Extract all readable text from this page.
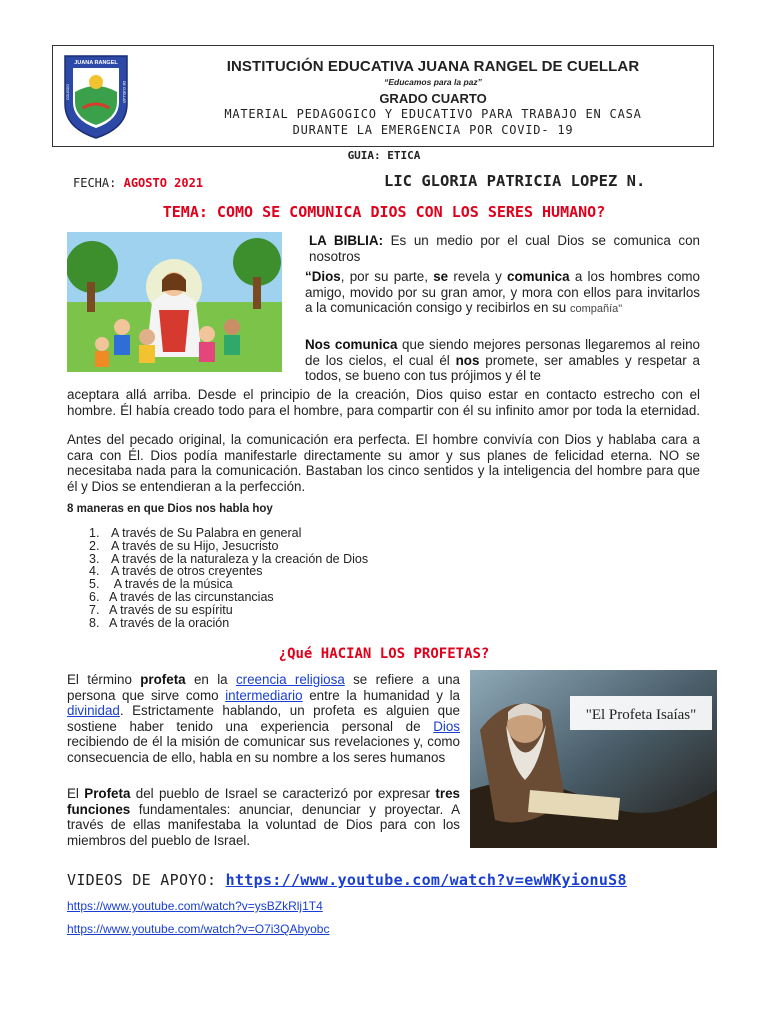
JUANA RANGEL
COLEGIO	DE CUELLAR
INSTITUCIÓN EDUCATIVA JUANA RANGEL DE CUELLAR
“Educamos para la paz”
GRADO CUARTO
MATERIAL PEDAGOGICO Y EDUCATIVO PARA TRABAJO EN CASA
DURANTE LA EMERGENCIA POR COVID- 19
GUIA: ETICA
FECHA: AGOSTO 2021	LIC GLORIA PATRICIA LOPEZ N.
TEMA: COMO SE COMUNICA DIOS CON LOS SERES HUMANO?
LA BIBLIA: Es un medio por el cual Dios se comunica con nosotros
“Dios, por su parte, se revela y comunica a los hombres como amigo, movido por su gran amor, y mora con ellos para invitarlos a la comunicación consigo y recibirlos en su compañía"
Nos comunica que siendo mejores personas llegaremos al reino de los cielos, el cual él nos promete, ser amables y respetar a todos, se bueno con tus prójimos y él te
aceptara allá arriba. Desde el principio de la creación, Dios quiso estar en contacto estrecho con el hombre. Él había creado todo para el hombre, para compartir con él su infinito amor por toda la eternidad.
Antes del pecado original, la comunicación era perfecta. El hombre convivía con Dios y hablaba cara a cara con Él. Dios podía manifestarle directamente su amor y sus planes de felicidad eterna. NO se necesitaba nada para la comunicación. Bastaban los cinco sentidos y la inteligencia del hombre para que él y Dios se entendieran a la perfección.
8 maneras en que Dios nos habla hoy
1. A través de Su Palabra en general
2. A través de su Hijo, Jesucristo
3. A través de la naturaleza y la creación de Dios
4. A través de otros creyentes
5. A través de la música
6. A través de las circunstancias
7. A través de su espíritu
8. A través de la oración
¿Qué HACIAN LOS PROFETAS?
El término profeta en la creencia religiosa se refiere a una persona que sirve como intermediario entre la humanidad y la divinidad. Estrictamente hablando, un profeta es alguien que sostiene haber tenido una experiencia personal de Dios recibiendo de él la misión de comunicar sus revelaciones y, como consecuencia de ello, habla en su nombre a los seres humanos
El Profeta del pueblo de Israel se caracterizó por expresar tres funciones fundamentales: anunciar, denunciar y proyectar. A través de ellas manifestaba la voluntad de Dios para con los miembros del pueblo de Israel.
"El Profeta Isaías"
VIDEOS DE APOYO: https://www.youtube.com/watch?v=ewWKyionuS8
https://www.youtube.com/watch?v=ysBZkRlj1T4
https://www.youtube.com/watch?v=O7i3QAbyobc
